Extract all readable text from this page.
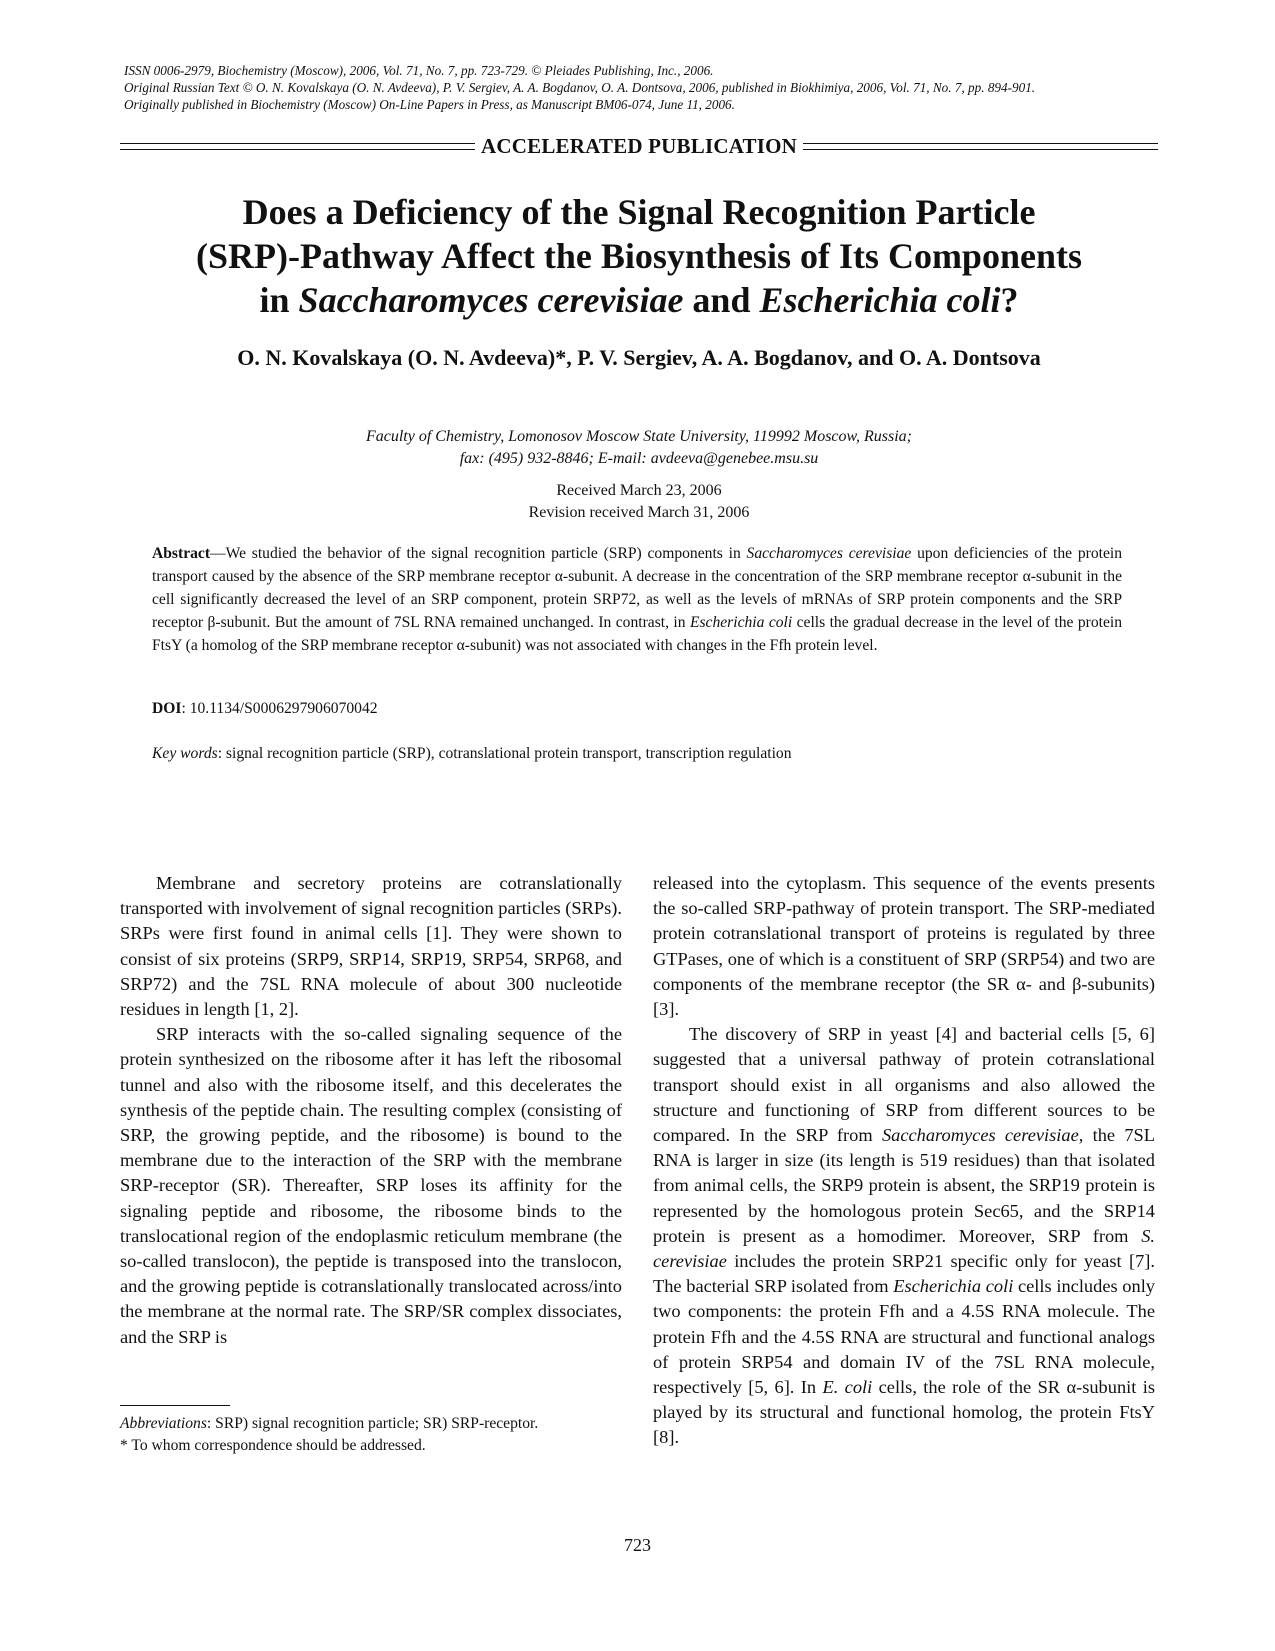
ISSN 0006-2979, Biochemistry (Moscow), 2006, Vol. 71, No. 7, pp. 723-729. © Pleiades Publishing, Inc., 2006.
Original Russian Text © O. N. Kovalskaya (O. N. Avdeeva), P. V. Sergiev, A. A. Bogdanov, O. A. Dontsova, 2006, published in Biokhimiya, 2006, Vol. 71, No. 7, pp. 894-901.
Originally published in Biochemistry (Moscow) On-Line Papers in Press, as Manuscript BM06-074, June 11, 2006.
ACCELERATED PUBLICATION
Does a Deficiency of the Signal Recognition Particle
(SRP)-Pathway Affect the Biosynthesis of Its Components
in Saccharomyces cerevisiae and Escherichia coli?
O. N. Kovalskaya (O. N. Avdeeva)*, P. V. Sergiev, A. A. Bogdanov, and O. A. Dontsova
Faculty of Chemistry, Lomonosov Moscow State University, 119992 Moscow, Russia;
fax: (495) 932-8846; E-mail: avdeeva@genebee.msu.su
Received March 23, 2006
Revision received March 31, 2006
Abstract—We studied the behavior of the signal recognition particle (SRP) components in Saccharomyces cerevisiae upon deficiencies of the protein transport caused by the absence of the SRP membrane receptor α-subunit. A decrease in the concentration of the SRP membrane receptor α-subunit in the cell significantly decreased the level of an SRP component, protein SRP72, as well as the levels of mRNAs of SRP protein components and the SRP receptor β-subunit. But the amount of 7SL RNA remained unchanged. In contrast, in Escherichia coli cells the gradual decrease in the level of the protein FtsY (a homolog of the SRP membrane receptor α-subunit) was not associated with changes in the Ffh protein level.
DOI: 10.1134/S0006297906070042
Key words: signal recognition particle (SRP), cotranslational protein transport, transcription regulation

Membrane and secretory proteins are cotranslationally transported with involvement of signal recognition particles (SRPs). SRPs were first found in animal cells [1]. They were shown to consist of six proteins (SRP9, SRP14, SRP19, SRP54, SRP68, and SRP72) and the 7SL RNA molecule of about 300 nucleotide residues in length [1, 2].

SRP interacts with the so-called signaling sequence of the protein synthesized on the ribosome after it has left the ribosomal tunnel and also with the ribosome itself, and this decelerates the synthesis of the peptide chain. The resulting complex (consisting of SRP, the growing peptide, and the ribosome) is bound to the membrane due to the interaction of the SRP with the membrane SRP-receptor (SR). Thereafter, SRP loses its affinity for the signaling peptide and ribosome, the ribosome binds to the translocational region of the endoplasmic reticulum membrane (the so-called translocon), the peptide is transposed into the translocon, and the growing peptide is cotranslationally translocated across/into the membrane at the normal rate. The SRP/SR complex dissociates, and the SRP is

released into the cytoplasm. This sequence of the events presents the so-called SRP-pathway of protein transport. The SRP-mediated protein cotranslational transport of proteins is regulated by three GTPases, one of which is a constituent of SRP (SRP54) and two are components of the membrane receptor (the SR α- and β-subunits) [3].

The discovery of SRP in yeast [4] and bacterial cells [5, 6] suggested that a universal pathway of protein cotranslational transport should exist in all organisms and also allowed the structure and functioning of SRP from different sources to be compared. In the SRP from Saccharomyces cerevisiae, the 7SL RNA is larger in size (its length is 519 residues) than that isolated from animal cells, the SRP9 protein is absent, the SRP19 protein is represented by the homologous protein Sec65, and the SRP14 protein is present as a homodimer. Moreover, SRP from S. cerevisiae includes the protein SRP21 specific only for yeast [7]. The bacterial SRP isolated from Escherichia coli cells includes only two components: the protein Ffh and a 4.5S RNA molecule. The protein Ffh and the 4.5S RNA are structural and functional analogs of protein SRP54 and domain IV of the 7SL RNA molecule, respectively [5, 6]. In E. coli cells, the role of the SR α-subunit is played by its structural and functional homolog, the protein FtsY [8].

Abbreviations: SRP) signal recognition particle; SR) SRP-receptor.

* To whom correspondence should be addressed.

723
